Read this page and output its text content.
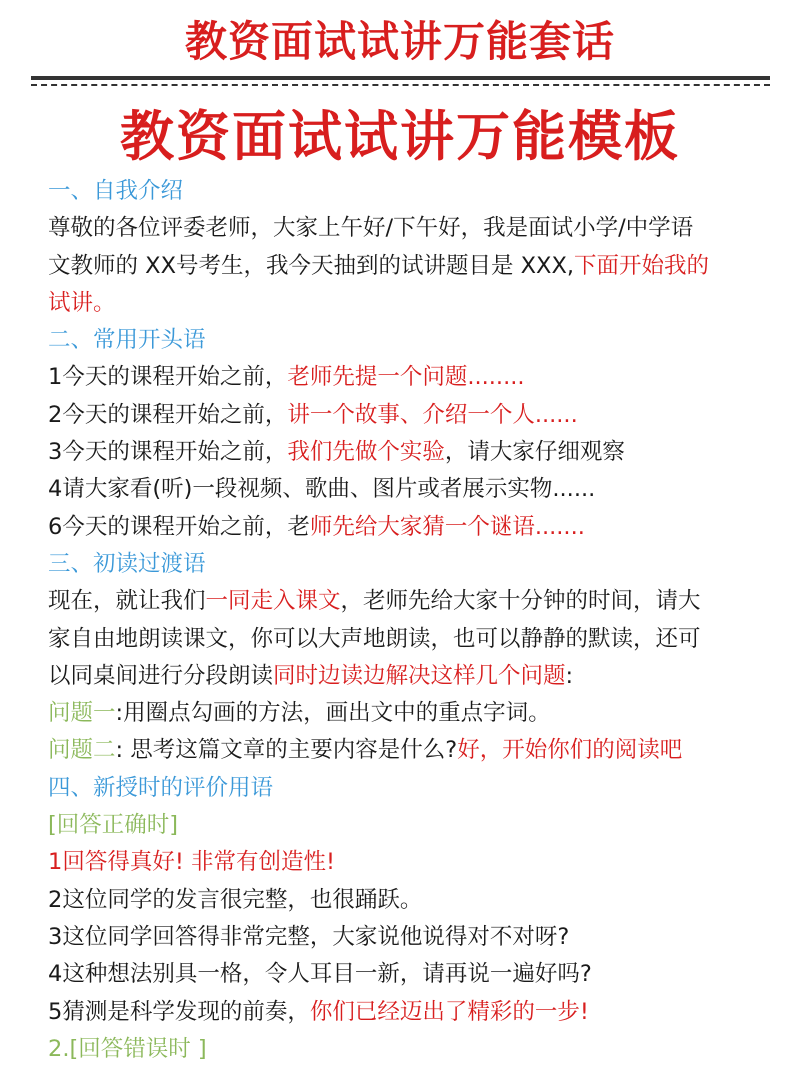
教资面试试讲万能套话
教资面试试讲万能模板
一、自我介绍
尊敬的各位评委老师，大家上午好/下午好，我是面试小学/中学语
文教师的 XX号考生，我今天抽到的试讲题目是 XXX,下面开始我的
试讲。
二、常用开头语
1今天的课程开始之前，老师先提一个问题........
2今天的课程开始之前，讲一个故事、介绍一个人......
3今天的课程开始之前，我们先做个实验，请大家仔细观察
4请大家看(听)一段视频、歌曲、图片或者展示实物......
6今天的课程开始之前，老师先给大家猜一个谜语.......
三、初读过渡语
现在，就让我们一同走入课文，老师先给大家十分钟的时间，请大
家自由地朗读课文，你可以大声地朗读，也可以静静的默读，还可
以同桌间进行分段朗读同时边读边解决这样几个问题:
问题一:用圈点勾画的方法，画出文中的重点字词。
问题二: 思考这篇文章的主要内容是什么?好，开始你们的阅读吧
四、新授时的评价用语
[回答正确时]
1回答得真好! 非常有创造性!
2这位同学的发言很完整，也很踊跃。
3这位同学回答得非常完整，大家说他说得对不对呀?
4这种想法别具一格，令人耳目一新，请再说一遍好吗?
5猜测是科学发现的前奏，你们已经迈出了精彩的一步!
2.[回答错误时 ]
